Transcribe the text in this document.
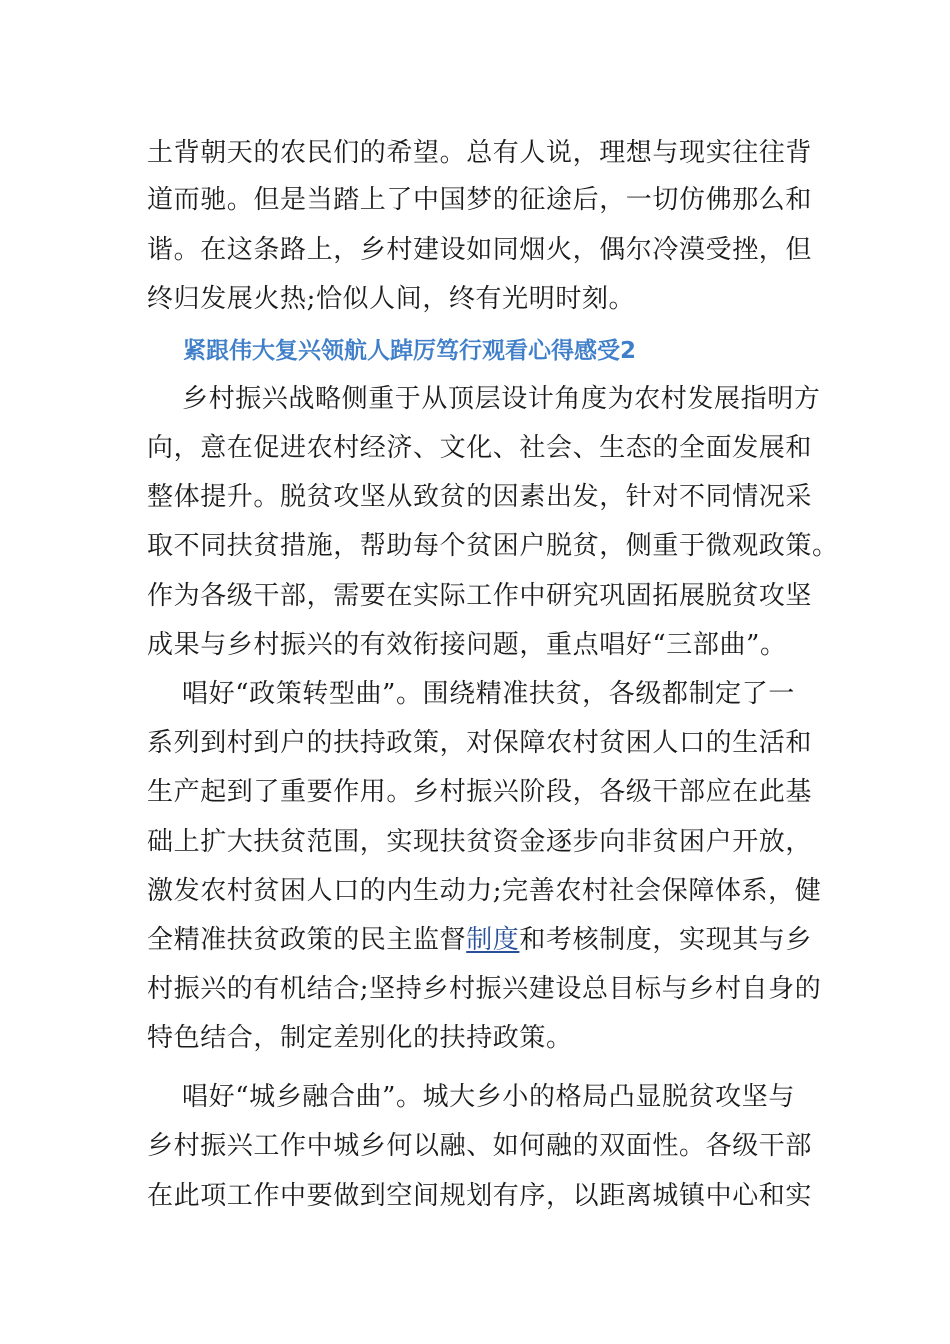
土背朝天的农民们的希望。总有人说，理想与现实往往背
道而驰。但是当踏上了中国梦的征途后，一切仿佛那么和
谐。在这条路上，乡村建设如同烟火，偶尔冷漠受挫，但
终归发展火热;恰似人间，终有光明时刻。
紧跟伟大复兴领航人踔厉笃行观看心得感受2
乡村振兴战略侧重于从顶层设计角度为农村发展指明方
向，意在促进农村经济、文化、社会、生态的全面发展和
整体提升。脱贫攻坚从致贫的因素出发，针对不同情况采
取不同扶贫措施，帮助每个贫困户脱贫，侧重于微观政策。
作为各级干部，需要在实际工作中研究巩固拓展脱贫攻坚
成果与乡村振兴的有效衔接问题，重点唱好“三部曲”。
唱好“政策转型曲”。围绕精准扶贫，各级都制定了一
系列到村到户的扶持政策，对保障农村贫困人口的生活和
生产起到了重要作用。乡村振兴阶段，各级干部应在此基
础上扩大扶贫范围，实现扶贫资金逐步向非贫困户开放，
激发农村贫困人口的内生动力;完善农村社会保障体系，健
全精准扶贫政策的民主监督制度和考核制度，实现其与乡
村振兴的有机结合;坚持乡村振兴建设总目标与乡村自身的
特色结合，制定差别化的扶持政策。
唱好“城乡融合曲”。城大乡小的格局凸显脱贫攻坚与
乡村振兴工作中城乡何以融、如何融的双面性。各级干部
在此项工作中要做到空间规划有序，以距离城镇中心和实
